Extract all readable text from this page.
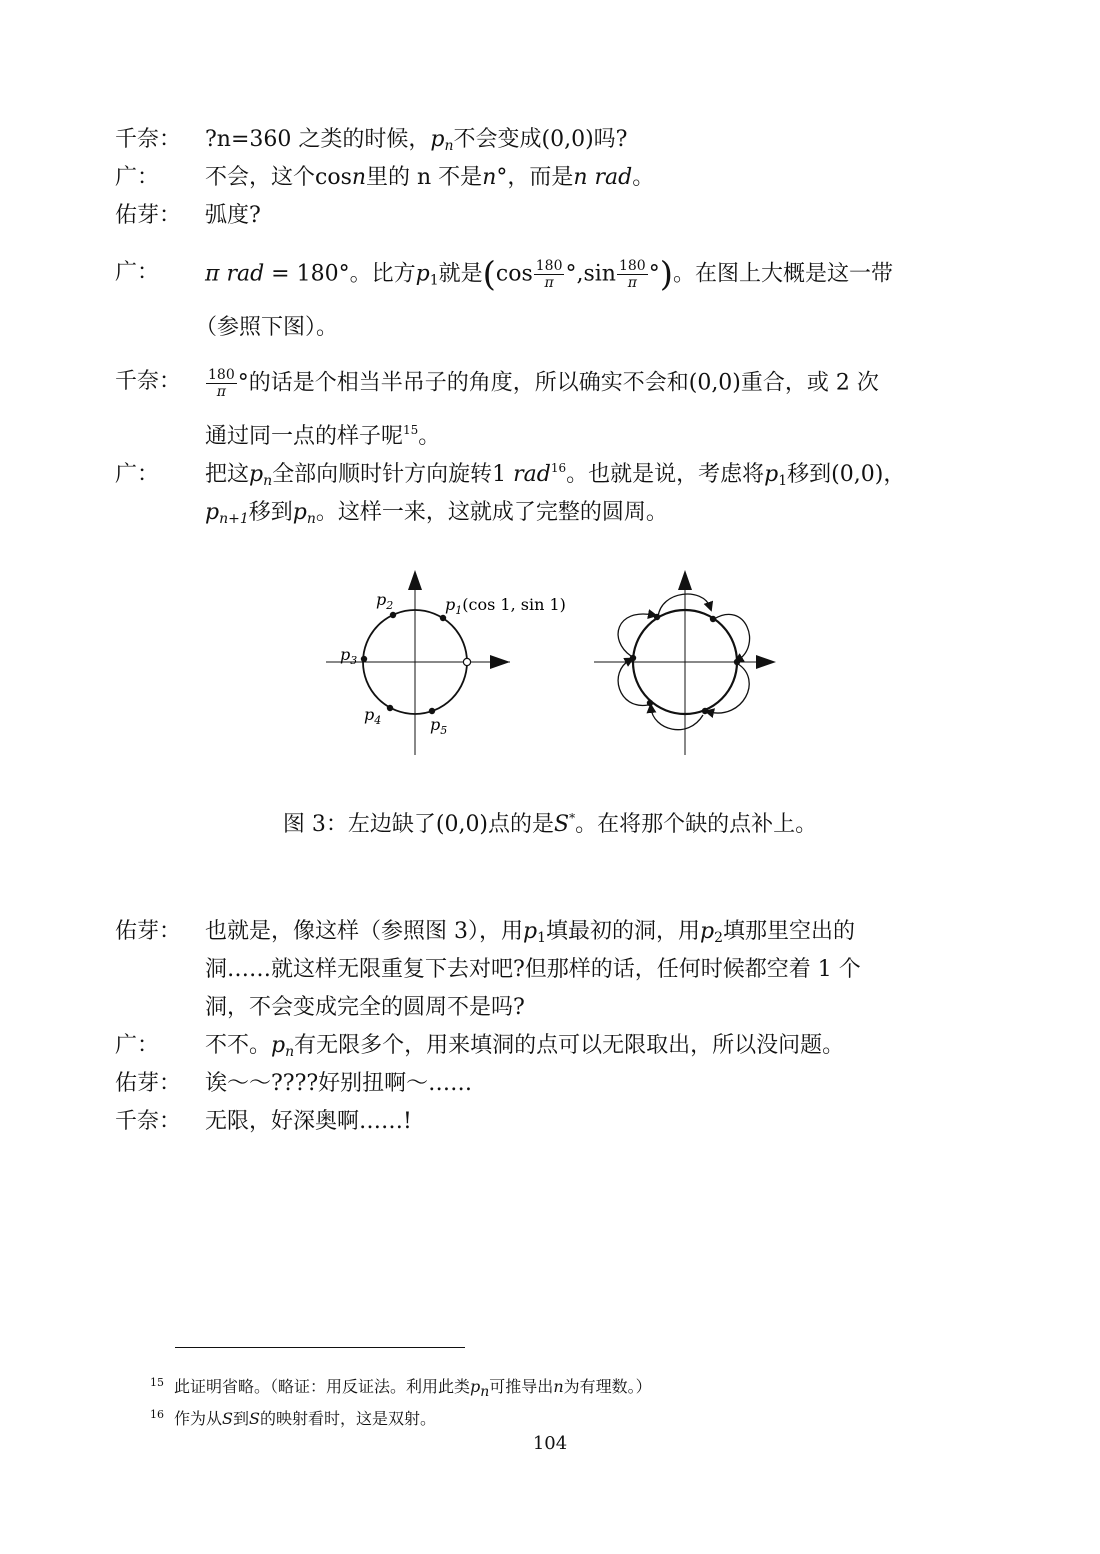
千奈： ?n=360 之类的时候，$p_n$不会变成(0,0)吗?
广： 不会，这个cosn里的 n 不是n°，而是n rad。
佑芽： 弧度?
广： π rad = 180°。比方$p_1$就是($\cos \frac{180}{\pi} ^\circ,\sin \frac{180}{\pi}$ °)。在图上大概是这一带
（参照下图）。
千奈： $\frac{180}{\pi}$ °的话是个相当半吊子的角度，所以确实不会和(0,0)重合，或 2 次
通过同一点的样子呢$^{15}$。
广： 把这$p_n$全部向顺时针方向旋转1 rad$^{16}$。也就是说，考虑将$p_1$移到(0,0)，
$p_{n+1}$移到$p_n$。这样一来，这就成了完整的圆周。
$p_2$	$p_1(\cos$ 1, sin 1)
$p_3$
$p_4$	$p_5$
图 3：左边缺了(0,0)点的是S*。在将那个缺的点补上。
佑芽： 也就是，像这样（参照图 3），用$p_1$填最初的洞，用$p_2$填那里空出的
洞……就这样无限重复下去对吧?但那样的话，任何时候都空着 1 个
洞，不会变成完全的圆周不是吗?
广： 不不。$p_n$有无限多个，用来填洞的点可以无限取出，所以没问题。
佑芽： 诶～～????好别扭啊～……
千奈： 无限，好深奥啊……!
$^{15}$ 此证明省略。（略证：用反证法。利用此类$p_n$可推导出n为有理数。）
$^{16}$ 作为从S到S的映射看时，这是双射。
104
